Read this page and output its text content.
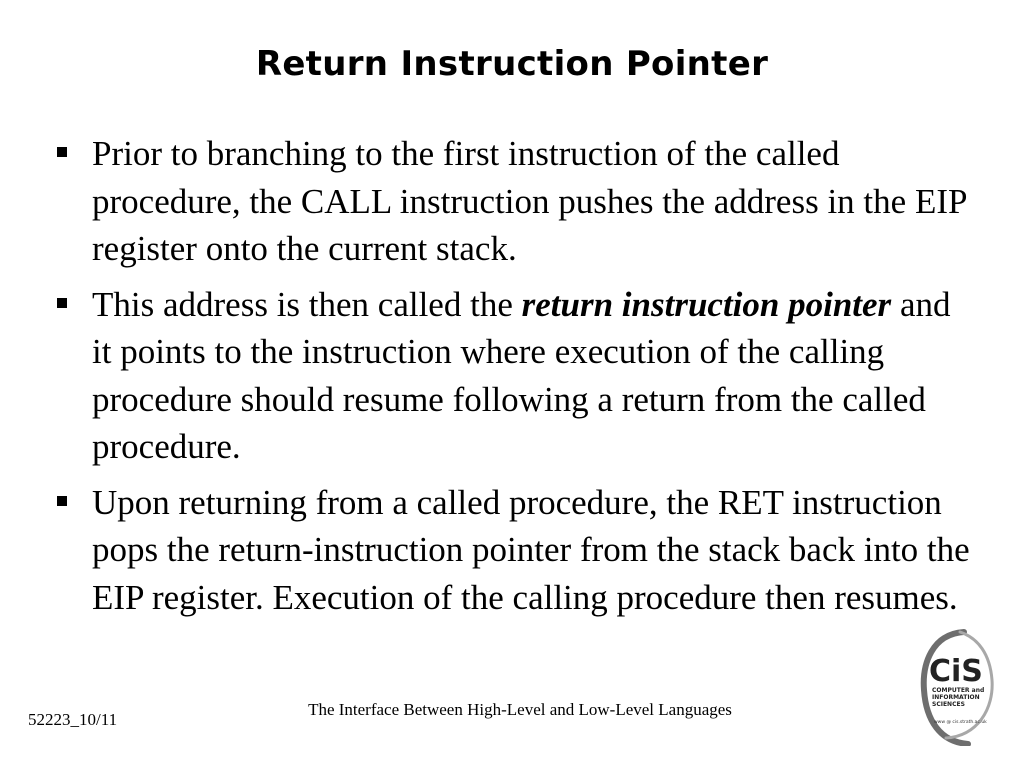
Return Instruction Pointer
Prior to branching to the first instruction of the called procedure, the CALL instruction pushes the address in the EIP register onto the current stack.
This address is then called the return instruction pointer and it points to the instruction where execution of the calling procedure should resume following a return from the called procedure.
Upon returning from a called procedure, the RET instruction pops the return-instruction pointer from the stack back into the EIP register. Execution of the calling procedure then resumes.
The Interface Between High-Level and Low-Level Languages
52223_10/11
CiS
COMPUTER and
INFORMATION
SCIENCES
www @ cis.strath.ac.uk
